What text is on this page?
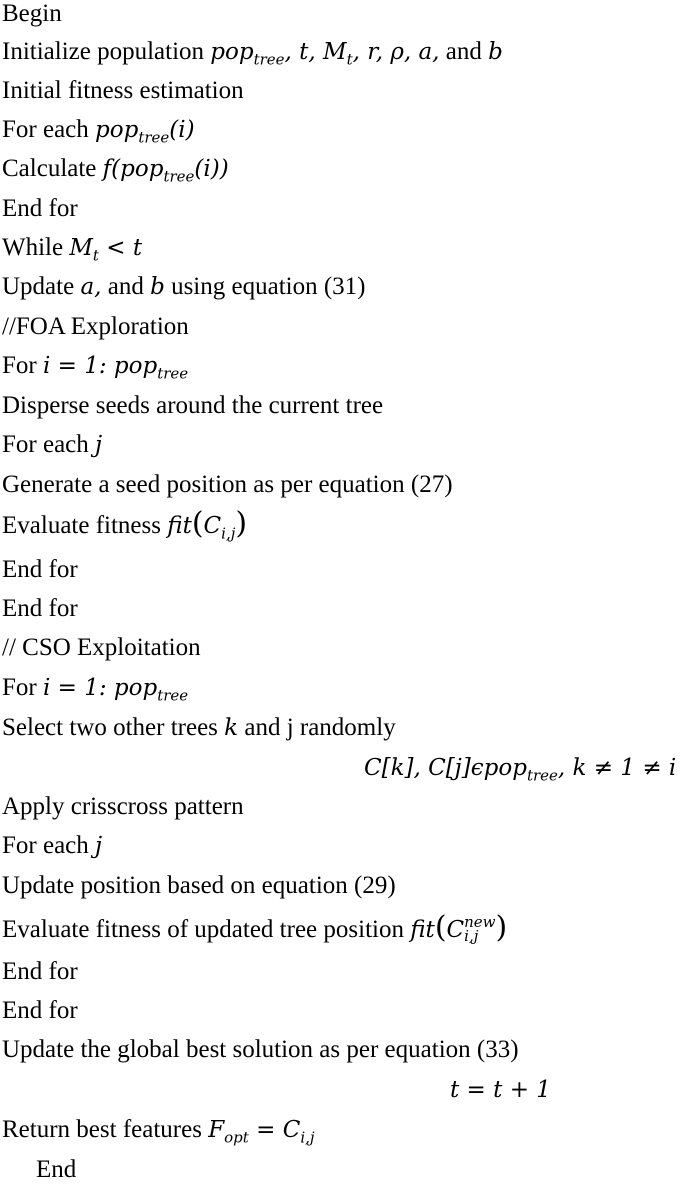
Begin
Initialize population pop$_{tree}$, t, $M_t$, r, ρ, a, and b
Initial fitness estimation
For each pop$_{tree}$(i)
Calculate f(pop$_{tree}$(i))
End for
While $M_t < t$
Update a, and b using equation (31)
//FOA Exploration
For i = 1: pop$_{tree}$
Disperse seeds around the current tree
For each j
Generate a seed position as per equation (27)
Evaluate fitness $fit(C_{i,j})$
End for
End for
// CSO Exploitation
For i = 1: pop$_{tree}$
Select two other trees k and j randomly
C[k], C[j]ϵpop$_{tree}$, k ≠ 1 ≠ i
Apply crisscross pattern
For each j
Update position based on equation (29)
Evaluate fitness of updated tree position fit(C new
i,j )
End for
End for
Update the global best solution as per equation (33)
t = t + 1
Return best features $F_{opt} = C_{i,j}$
End
